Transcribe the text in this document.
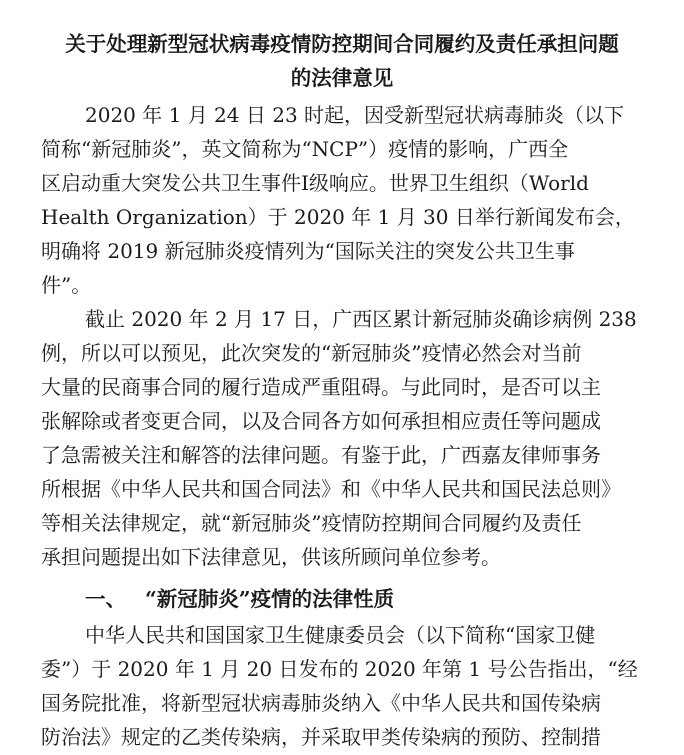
关于处理新型冠状病毒疫情防控期间合同履约及责任承担问题
的法律意见
2020 年 1 月 24 日 23 时起，因受新型冠状病毒肺炎（以下
简称“新冠肺炎”，英文简称为“NCP”）疫情的影响，广西全
区启动重大突发公共卫生事件Ⅰ级响应。世界卫生组织（World
Health Organization）于 2020 年 1 月 30 日举行新闻发布会，
明确将 2019 新冠肺炎疫情列为“国际关注的突发公共卫生事
件”。
截止 2020 年 2 月 17 日，广西区累计新冠肺炎确诊病例 238
例，所以可以预见，此次突发的“新冠肺炎”疫情必然会对当前
大量的民商事合同的履行造成严重阻碍。与此同时，是否可以主
张解除或者变更合同，以及合同各方如何承担相应责任等问题成
了急需被关注和解答的法律问题。有鉴于此，广西嘉友律师事务
所根据《中华人民共和国合同法》和《中华人民共和国民法总则》
等相关法律规定，就“新冠肺炎”疫情防控期间合同履约及责任
承担问题提出如下法律意见，供该所顾问单位参考。
一、 “新冠肺炎”疫情的法律性质
中华人民共和国国家卫生健康委员会（以下简称“国家卫健
委”）于 2020 年 1 月 20 日发布的 2020 年第 1 号公告指出，“经
国务院批准，将新型冠状病毒肺炎纳入《中华人民共和国传染病
防治法》规定的乙类传染病，并采取甲类传染病的预防、控制措
